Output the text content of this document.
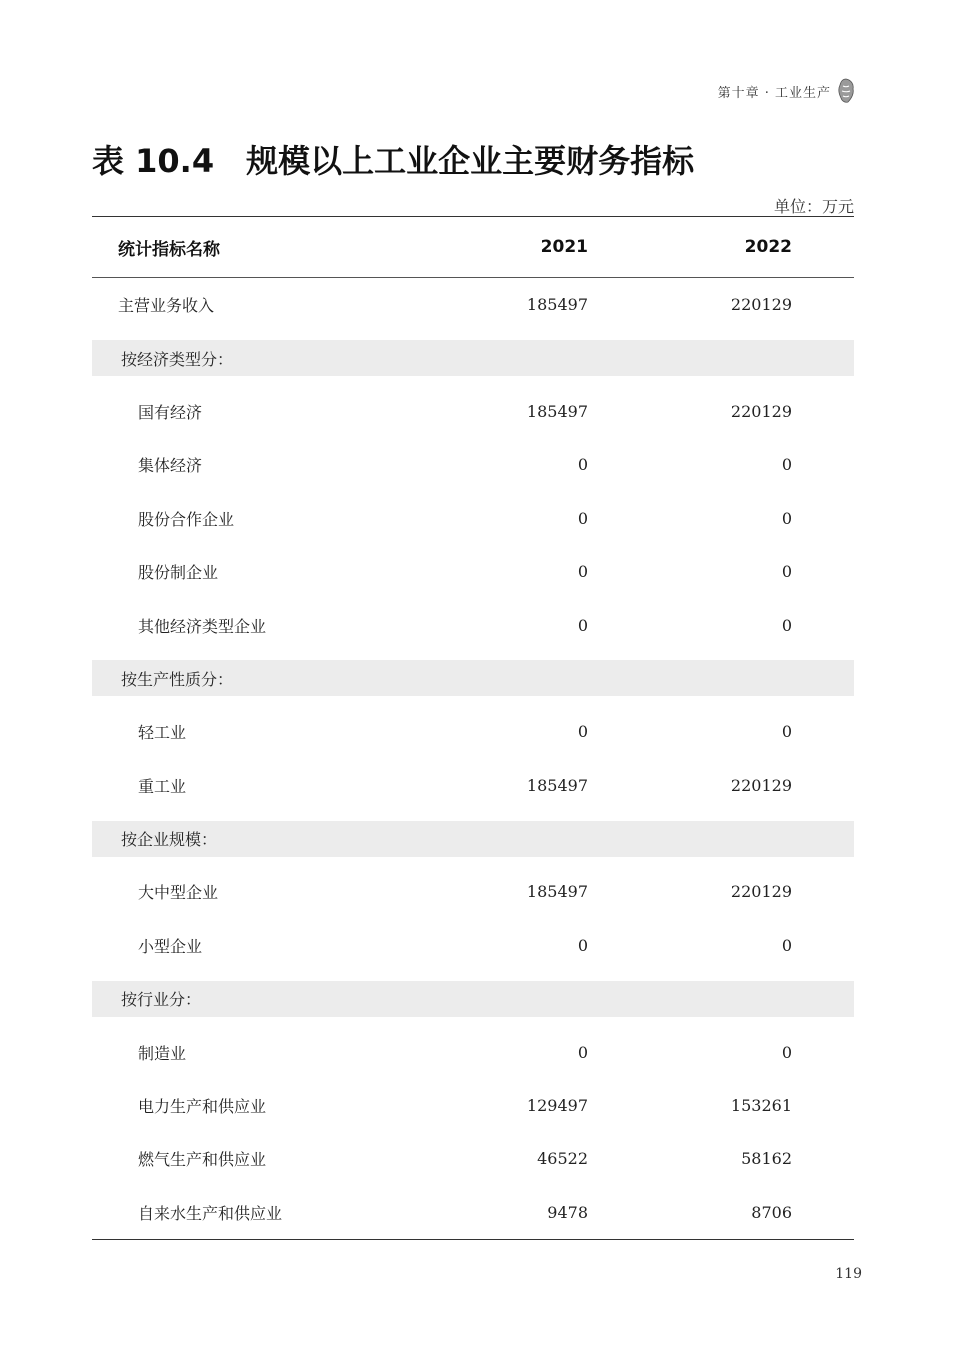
第十章 · 工业生产
表 10.4 规模以上工业企业主要财务指标
单位：万元
统计指标名称	2021	2022
主营业务收入	185497	220129
按经济类型分：
国有经济	185497	220129
集体经济	0	0
股份合作企业	0	0
股份制企业	0	0
其他经济类型企业	0	0
按生产性质分：
轻工业	0	0
重工业	185497	220129
按企业规模：
大中型企业	185497	220129
小型企业	0	0
按行业分：
制造业	0	0
电力生产和供应业	129497	153261
燃气生产和供应业	46522	58162
自来水生产和供应业	9478	8706
119
